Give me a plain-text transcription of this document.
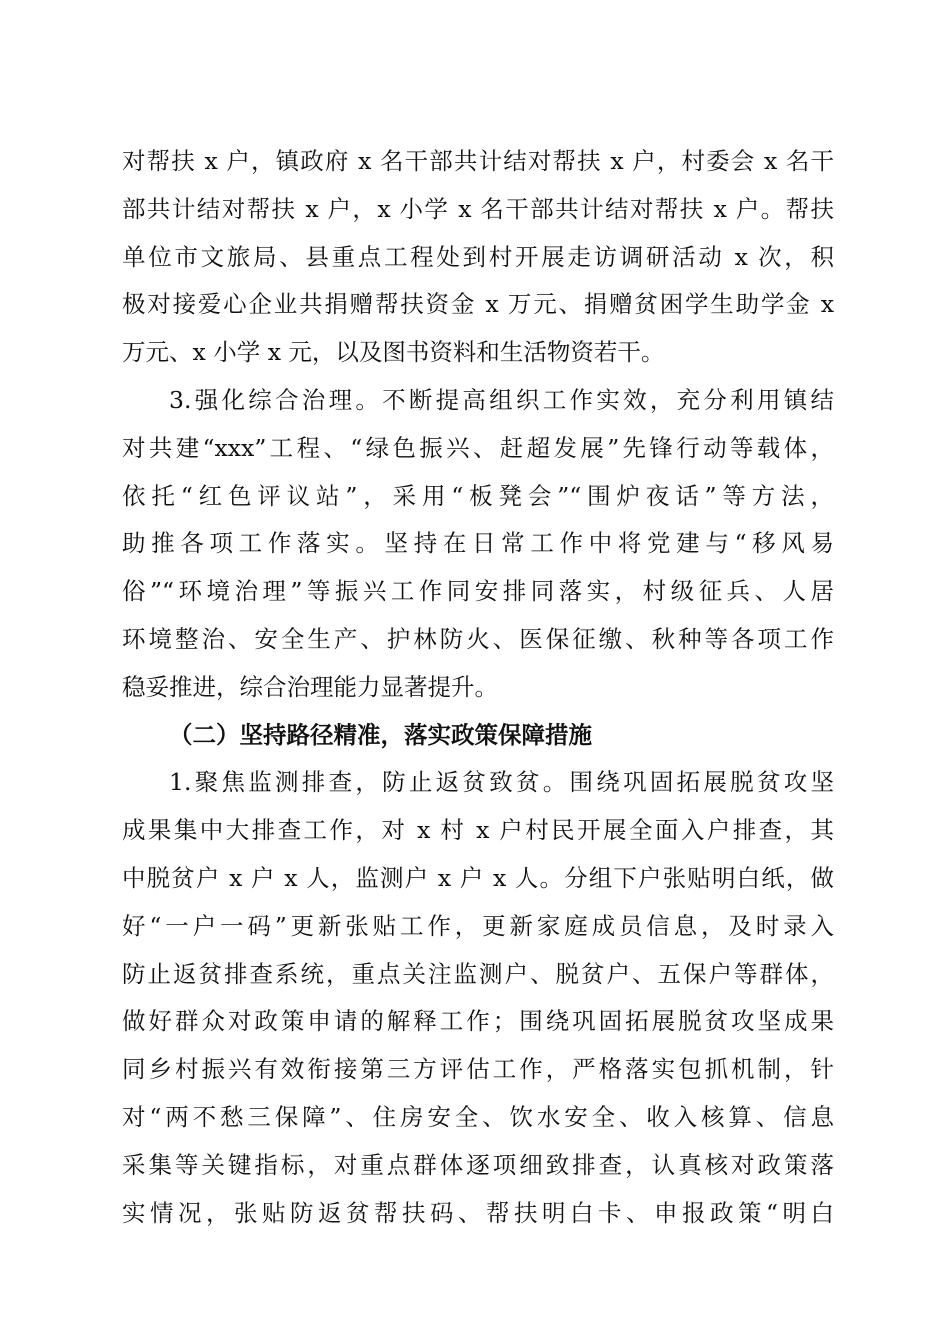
对帮扶 x 户，镇政府 x 名干部共计结对帮扶 x 户，村委会 x 名干
部共计结对帮扶 x 户，x 小学 x 名干部共计结对帮扶 x 户。帮扶
单位市文旅局、县重点工程处到村开展走访调研活动 x 次，积
极对接爱心企业共捐赠帮扶资金 x 万元、捐赠贫困学生助学金 x
万元、x 小学 x 元，以及图书资料和生活物资若干。
3.强化综合治理。不断提高组织工作实效，充分利用镇结
对共建“xxx”工程、“绿色振兴、赶超发展”先锋行动等载体，
依托“红色评议站”，采用“板凳会”“围炉夜话”等方法，
助推各项工作落实。坚持在日常工作中将党建与“移风易
俗”“环境治理”等振兴工作同安排同落实，村级征兵、人居
环境整治、安全生产、护林防火、医保征缴、秋种等各项工作
稳妥推进，综合治理能力显著提升。
（二）坚持路径精准，落实政策保障措施
1.聚焦监测排查，防止返贫致贫。围绕巩固拓展脱贫攻坚
成果集中大排查工作，对 x 村 x 户村民开展全面入户排查，其
中脱贫户 x 户 x 人，监测户 x 户 x 人。分组下户张贴明白纸，做
好“一户一码”更新张贴工作，更新家庭成员信息，及时录入
防止返贫排查系统，重点关注监测户、脱贫户、五保户等群体，
做好群众对政策申请的解释工作；围绕巩固拓展脱贫攻坚成果
同乡村振兴有效衔接第三方评估工作，严格落实包抓机制，针
对“两不愁三保障”、住房安全、饮水安全、收入核算、信息
采集等关键指标，对重点群体逐项细致排查，认真核对政策落
实情况，张贴防返贫帮扶码、帮扶明白卡、申报政策“明白
